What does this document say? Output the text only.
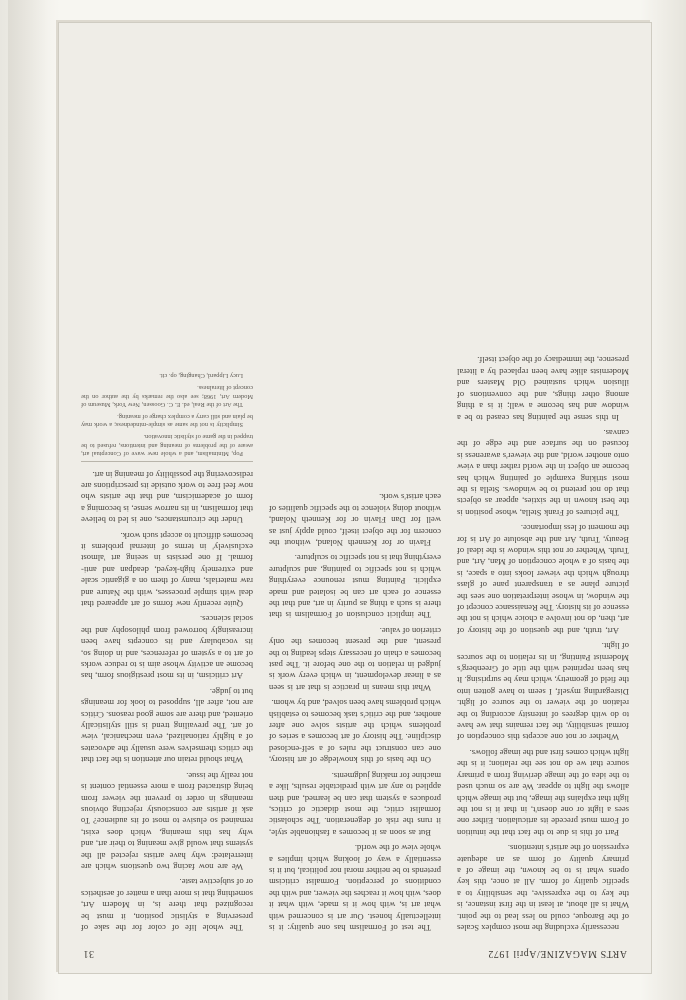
ARTS MAGAZINE/April 1972
31

necessarily excluding the most complex Scales of the Baroque, could no less lead to the point. What is all about, at least in the first instance, is the key to the expressive, the sensibility to a specific quality of form. All at once, this key opens what is to be known, the image of a primary quality of form as an adequate expression of the artist's intentions.

Part of this is due to the fact that the intuition of Form must precede its articulation. Either one sees a light or one doesn't, in that it is not the light that explains the image, but the image which allows the light to appear. We are so much used to the idea of the image deriving from a primary source that we do not see the relation; it is the light which comes first and the image follows.

Whether or not one accepts this conception of formal sensibility, the fact remains that we have to do with degrees of intensity according to the relation of the viewer to the source of light. Disregarding myself, I seem to have gotten into the field of geometry, which may be surprising. It has been reprinted with the title of Greenberg's Modernist Painting, in its relation to the sources of light.

Art, truth, and the question of the history of art, then, do not involve a choice which is not the essence of its history. The Renaissance concept of the window, in whose interpretation one sees the picture plane as a transparent pane of glass through which the viewer looks into a space, is the basis of a whole conception of Man, Art, and Truth. Whether or not this window is the ideal of Beauty, Truth, Art and the absolute of Art is for the moment of less importance.

The pictures of Frank Stella, whose position is the best known in the sixties, appear as objects that do not pretend to be windows. Stella is the most striking example of painting which has become an object in the world rather than a view onto another world, and the viewer's awareness is focused on the surface and the edge of the canvas.

In this sense the painting has ceased to be a window and has become a wall; it is a thing among other things, and the conventions of illusion which sustained Old Masters and Modernists alike have been replaced by a literal presence, the immediacy of the object itself.

The test of Formalism has one quality: it is intellectually honest. Our art is concerned with what art is, with how it is made, with what it does, with how it reaches the viewer, and with the conditions of perception. Formalist criticism pretends to be neither moral nor political, but it is essentially a way of looking which implies a whole view of the world.

But as soon as it becomes a fashionable style, it runs the risk of degeneration. The scholastic formalist critic, the most didactic of critics, produces a system that can be learned, and then applied to any art with predictable results, like a machine for making judgments.

On the basis of this knowledge of art history, one can construct the rules of a self-enclosed discipline. The history of art becomes a series of problems which the artists solve one after another, and the critic's task becomes to establish which problems have been solved, and by whom.

What this means in practice is that art is seen as a linear development, in which every work is judged in relation to the one before it. The past becomes a chain of necessary steps leading to the present, and the present becomes the only criterion of value.

The implicit conclusion of Formalism is that there is such a thing as purity in art, and that the essence of each art can be isolated and made explicit. Painting must renounce everything which is not specific to painting, and sculpture everything that is not specific to sculpture.

Flavin or for Kenneth Noland, without the concern for the object itself, could apply just as well for Dan Flavin or for Kenneth Noland, without doing violence to the specific qualities of each artist's work.

The whole life of color for the sake of preserving a stylistic position, it must be recognized that there is, in Modern Art, something that is more than a matter of aesthetics or of subjective taste.

We are now facing two questions which are interrelated: why have artists rejected all the systems that would give meaning to their art, and why has this meaning, which does exist, remained so elusive to most of its audience? To ask if artists are consciously rejecting obvious meanings in order to prevent the viewer from being distracted from a more essential content is not really the issue.

What should retain our attention is the fact that the critics themselves were usually the advocates of a highly rationalized, even mechanical, view of art. The prevailing trend is still stylistically oriented, and there are some good reasons. Critics are not, after all, supposed to look for meanings but to judge.

Art criticism, in its most prestigious form, has become an activity whose aim is to reduce works of art to a system of references, and in doing so, its vocabulary and its concepts have been increasingly borrowed from philosophy and the social sciences.

Quite recently new forms of art appeared that deal with simple processes, with the Nature and raw materials, many of them on a gigantic scale and extremely high-keyed, deadpan and anti-formal. If one persists in seeing art 'almost exclusively' in terms of internal problems it becomes difficult to accept such work.

Under the circumstances, one is led to believe that formalism, in its narrow sense, is becoming a form of academicism, and that the artists who now feel free to work outside its prescriptions are rediscovering the possibility of meaning in art.

Pop, Minimalism, and a whole new wave of Conceptual art, aware of the problems of meaning and intentions, refused to be trapped in the game of stylistic innovation.

Simplicity is not the same as simple-mindedness; a work may be plain and still carry a complex charge of meaning.

The Art of the Real, ed. E. C. Goossen, New York, Museum of Modern Art, 1968; see also the remarks by the author on the concept of literalness.

Lucy Lippard, Changing, op. cit.
